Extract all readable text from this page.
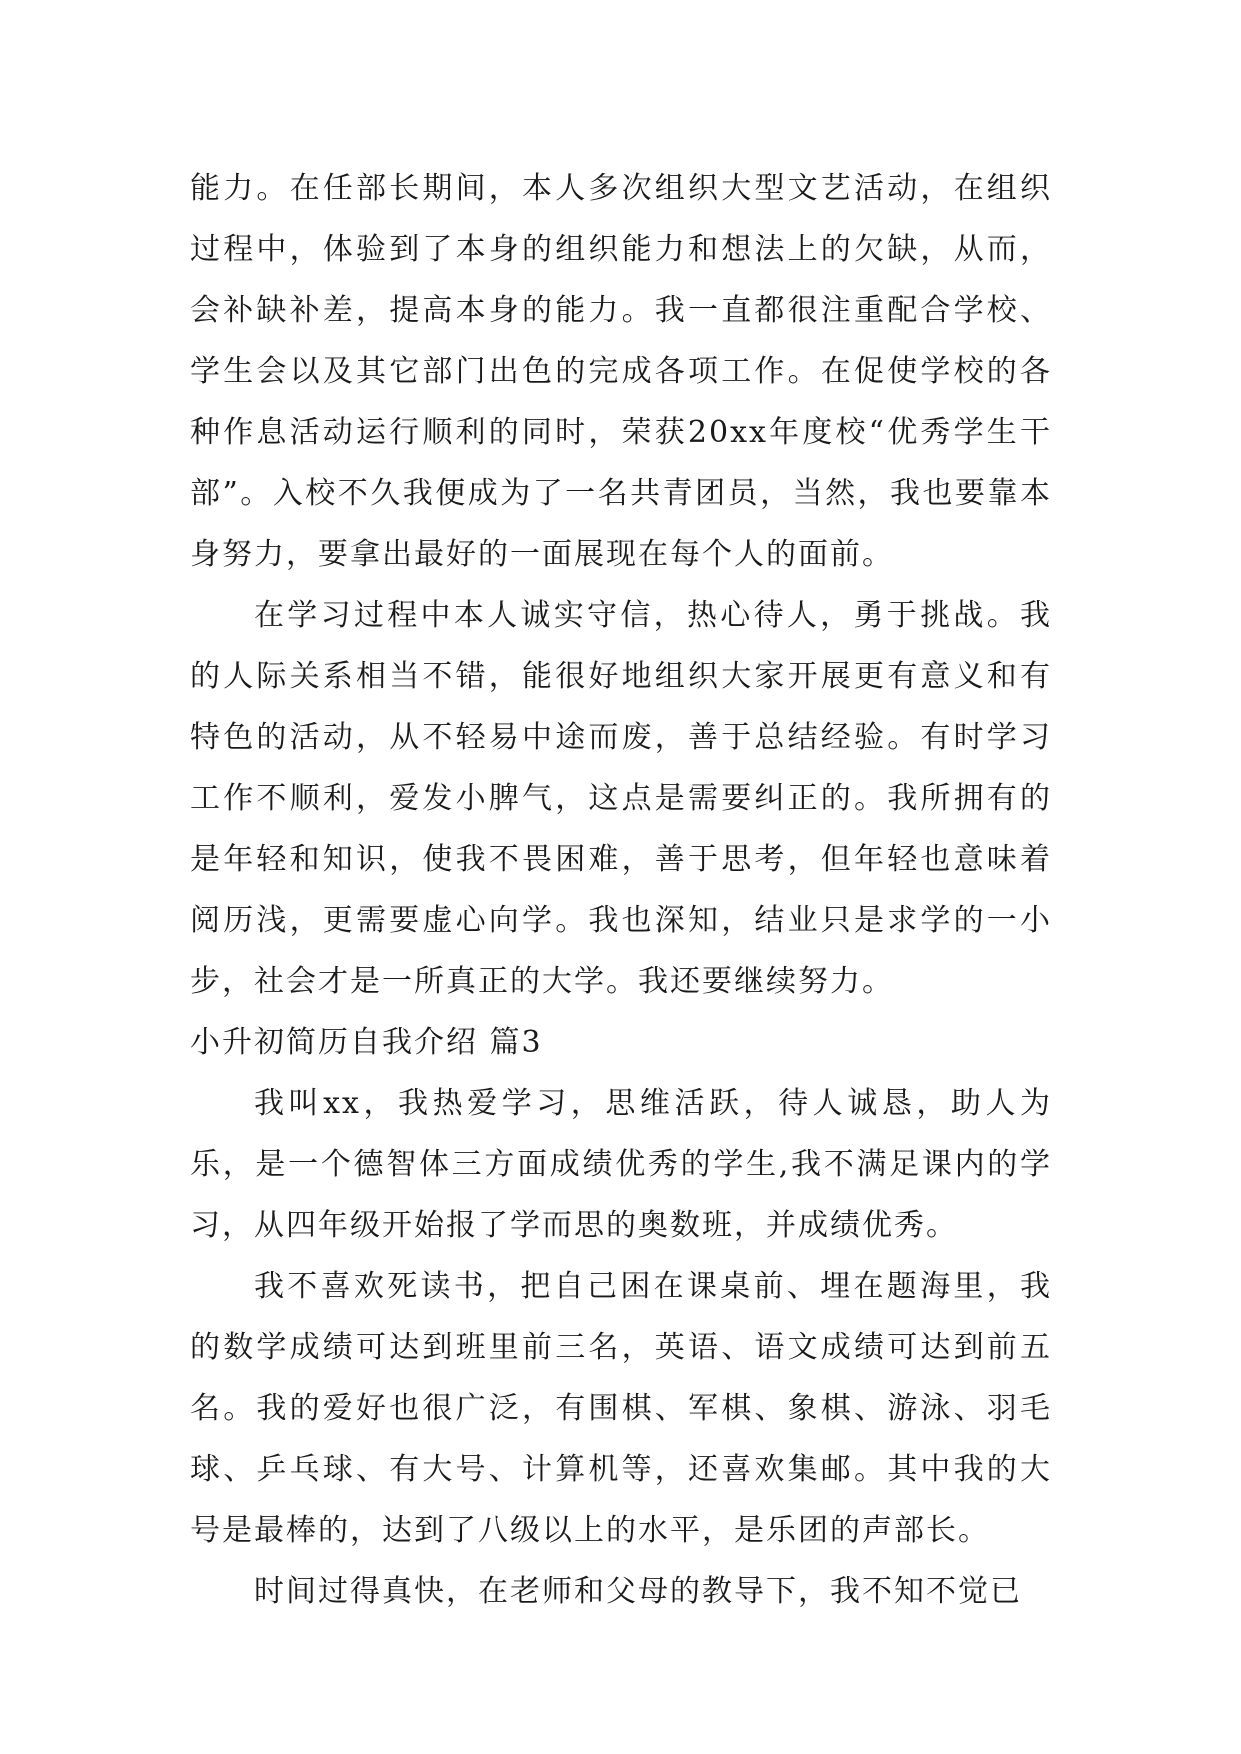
能力。在任部长期间，本人多次组织大型文艺活动，在组织过程中，体验到了本身的组织能力和想法上的欠缺，从而，会补缺补差，提高本身的能力。我一直都很注重配合学校、学生会以及其它部门出色的完成各项工作。在促使学校的各种作息活动运行顺利的同时，荣获20xx年度校“优秀学生干部”。入校不久我便成为了一名共青团员，当然，我也要靠本身努力，要拿出最好的一面展现在每个人的面前。

在学习过程中本人诚实守信，热心待人，勇于挑战。我的人际关系相当不错，能很好地组织大家开展更有意义和有特色的活动，从不轻易中途而废，善于总结经验。有时学习工作不顺利，爱发小脾气，这点是需要纠正的。我所拥有的是年轻和知识，使我不畏困难，善于思考，但年轻也意味着阅历浅，更需要虚心向学。我也深知，结业只是求学的一小步，社会才是一所真正的大学。我还要继续努力。

小升初简历自我介绍 篇3

我叫xx，我热爱学习，思维活跃，待人诚恳，助人为乐，是一个德智体三方面成绩优秀的学生,我不满足课内的学习，从四年级开始报了学而思的奥数班，并成绩优秀。

我不喜欢死读书，把自己困在课桌前、埋在题海里，我的数学成绩可达到班里前三名，英语、语文成绩可达到前五名。我的爱好也很广泛，有围棋、军棋、象棋、游泳、羽毛球、乒乓球、有大号、计算机等，还喜欢集邮。其中我的大号是最棒的，达到了八级以上的水平，是乐团的声部长。

时间过得真快，在老师和父母的教导下，我不知不觉已
